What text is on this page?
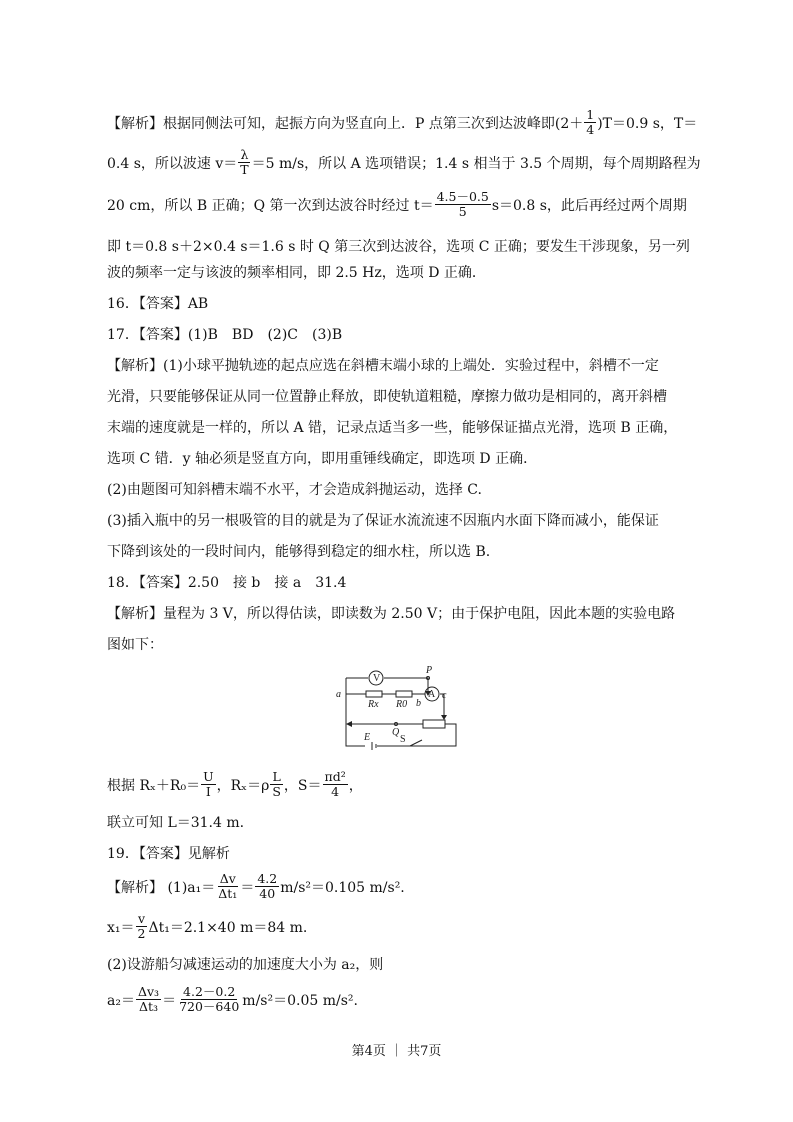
【解析】根据同侧法可知，起振方向为竖直向上．P 点第三次到达波峰即$(2+ \frac{1}{4} )T=0.9$ s，T＝
0.4 s，所以波速 $v= \frac{\lambda}{T} =5$ m/s，所以 A 选项错误；1.4 s 相当于 3.5 个周期，每个周期路程为
20 cm，所以 B 正确；Q 第一次到达波谷时经过 $t= \frac{4.5-0.5}{5} s=0.8$ s，此后再经过两个周期
即 t＝0.8 s＋2×0.4 s＝1.6 s 时 Q 第三次到达波谷，选项 C 正确；要发生干涉现象，另一列
波的频率一定与该波的频率相同，即 2.5 Hz，选项 D 正确．
16．【答案】AB
17．【答案】(1)B　BD　(2)C　(3)B
【解析】(1)小球平抛轨迹的起点应选在斜槽末端小球的上端处．实验过程中，斜槽不一定
光滑，只要能够保证从同一位置静止释放，即使轨道粗糙，摩擦力做功是相同的，离开斜槽
末端的速度就是一样的，所以 A 错，记录点适当多一些，能够保证描点光滑，选项 B 正确，
选项 C 错．y 轴必须是竖直方向，即用重锤线确定，即选项 D 正确．
(2)由题图可知斜槽末端不水平，才会造成斜抛运动，选择 C.
(3)插入瓶中的另一根吸管的目的就是为了保证水流流速不因瓶内水面下降而减小，能保证
下降到该处的一段时间内，能够得到稳定的细水柱，所以选 B.
18．【答案】2.50　接 b　接 a　31.4
【解析】量程为 3 V，所以得估读，即读数为 2.50 V；由于保护电阻，因此本题的实验电路
图如下：
根据 $R_x+R_0= \frac{U}{I}$ ，$R_x=\rho \frac{L}{S}$ ，$S= \frac{\text{πd²}}{4}$ ，
联立可知 L＝31.4 m.
19．【答案】见解析
【解析】 $(1)a_1= \frac{\Delta v}{\text{Δt₁}} = \frac{4.2}{40} m/s^2=0.105$ m/s².
$x_1= \frac{v}{2} \Delta t_1=2.1\times 40$ m＝84 m.
(2)设游船匀减速运动的加速度大小为 a₂，则
$a_2= \frac{\text{Δv₃}}{\text{Δt₃}} = \frac{4.2-0.2}{720-640} m/s^2=0.05$ m/s².
V
A
a
b
c
P
Q
E	S
Rx R0
第4页 ｜ 共7页
